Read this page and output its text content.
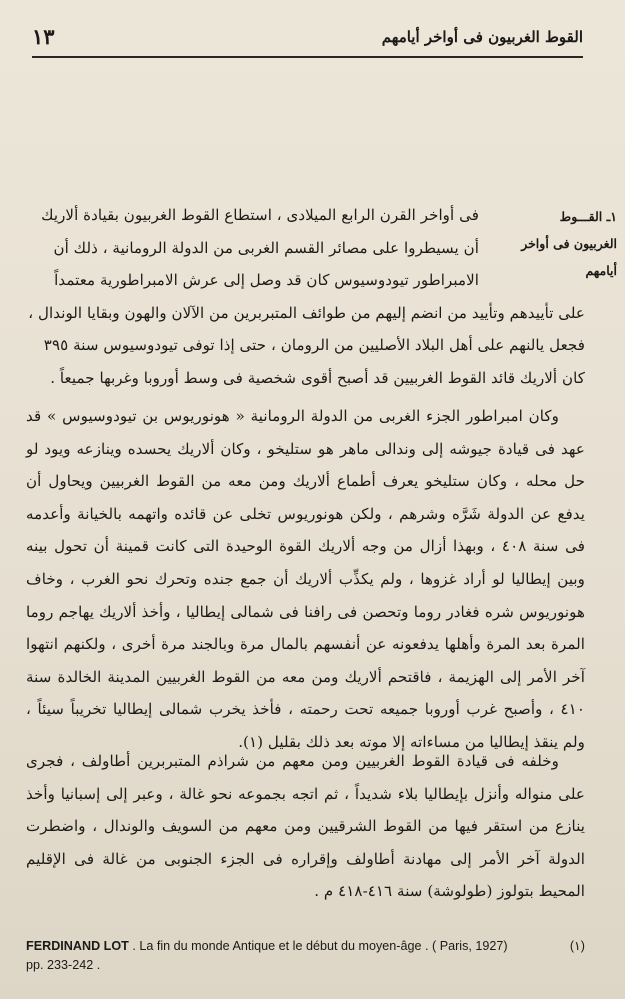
١٣	القوط الغربيون فى أواخر أيامهم
١ـ القـــوط
الغربيون فى أواخر
أيامهم
فى أواخر القرن الرابع الميلادى ، استطاع القوط الغربيون بقيادة ألاريك
أن يسيطروا على مصائر القسم الغربى من الدولة الرومانية ، ذلك أن
الامبراطور تيودوسيوس كان قد وصل إلى عرش الامبراطورية معتمداً
على تأييدهم وتأييد من انضم إليهم من طوائف المتبربرين من الآلان والهون وبقايا الوندال ،
فجعل يالنهم على أهل البلاد الأصليين من الرومان ، حتى إذا توفى تيودوسيوس سنة ٣٩٥
كان ألاريك قائد القوط الغربيين قد أصبح أقوى شخصية فى وسط أوروبا وغربها جميعاً .

وكان امبراطور الجزء الغربى من الدولة الرومانية « هونوريوس بن تيودوسيوس » قد عهد فى قيادة جيوشه إلى وندالى ماهر هو ستليخو ، وكان ألاريك يحسده وينازعه ويود لو حل محله ، وكان ستليخو يعرف أطماع ألاريك ومن معه من القوط الغربيين ويحاول أن يدفع عن الدولة شَرَّه وشرهم ، ولكن هونوريوس تخلى عن قائده واتهمه بالخيانة وأعدمه فى سنة ٤٠٨ ، وبهذا أزال من وجه ألاريك القوة الوحيدة التى كانت قمينة أن تحول بينه وبين إيطاليا لو أراد غزوها ، ولم يكذِّب ألاريك أن جمع جنده وتحرك نحو الغرب ، وخاف هونوريوس شره فغادر روما وتحصن فى رافنا فى شمالى إيطاليا ، وأخذ ألاريك يهاجم روما المرة بعد المرة وأهلها يدفعونه عن أنفسهم بالمال مرة وبالجند مرة أخرى ، ولكنهم انتهوا آخر الأمر إلى الهزيمة ، فاقتحم ألاريك ومن معه من القوط الغربيين المدينة الخالدة سنة ٤١٠ ، وأصبح غرب أوروبا جميعه تحت رحمته ، فأخذ يخرب شمالى إيطاليا تخريباً سيئاً ، ولم ينقذ إيطاليا من مساءاته إلا موته بعد ذلك بقليل (١).

وخلفه فى قيادة القوط الغربيين ومن معهم من شراذم المتبربرين أطاولف ، فجرى على منواله وأنزل بإيطاليا بلاء شديداً ، ثم اتجه بجموعه نحو غالة ، وعبر إلى إسبانيا وأخذ ينازع من استقر فيها من القوط الشرقيين ومن معهم من السويف والوندال ، واضطرت الدولة آخر الأمر إلى مهادنة أطاولف وإقراره فى الجزء الجنوبى من غالة فى الإقليم المحيط بتولوز (طولوشة) سنة ٤١٦-٤١٨ م .

FERDINAND LOT . La fin du monde Antique et le début du moyen-âge . ( Paris, 1927)	(١)
pp. 233-242 .
